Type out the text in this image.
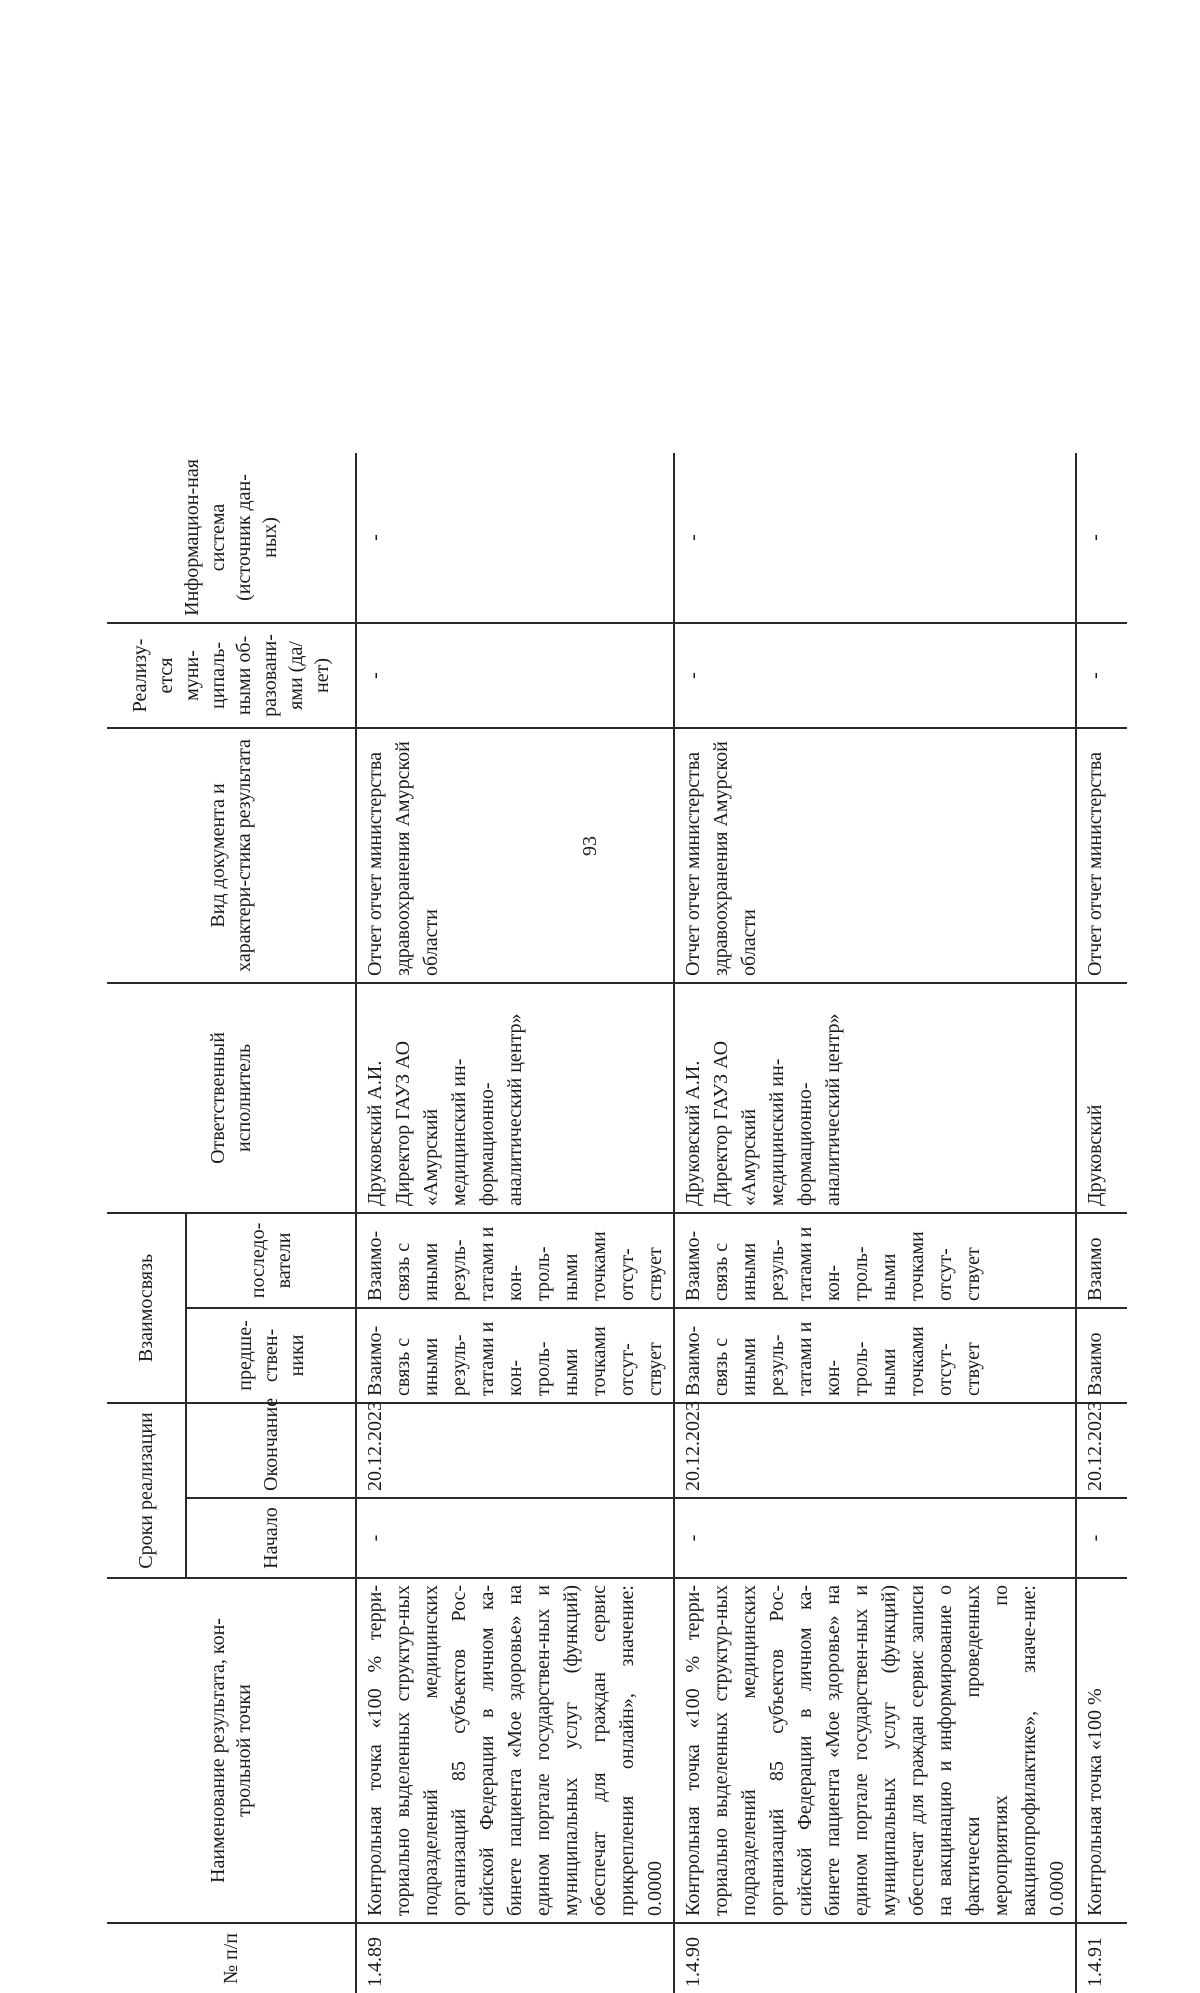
93
№ п/п	Наименование результата, кон-трольной точки	Сроки реализации		Взаимосвязь		Ответственный исполнитель	Вид документа и характери-стика результата	Реализу-ется муни-ципаль-ными об-разовани-ями (да/нет)	Информацион-ная система (источник дан-ных)
		Начало	Окончание	предше-ствен-ники	последо-ватели				
1.4.89	Контрольная точка «100 % терри-ториально выделенных структур-ных подразделений медицинских организаций 85 субъектов Рос-сийской Федерации в личном ка-бинете пациента «Мое здоровье» на едином портале государствен-ных и муниципальных услуг (функций) обеспечат для граждан сервис прикрепления онлайн», значение: 0.0000	-	20.12.2023	Взаимо-связь с иными резуль-татами и кон-троль-ными точками отсут-ствует	Взаимо-связь с иными резуль-татами и кон-троль-ными точками отсут-ствует	Друковский А.И. Директор ГАУЗ АО «Амурский медицинский ин-формационно-аналитический центр»	Отчет отчет министерства здравоохранения Амурской области	-	-
1.4.90	Контрольная точка «100 % терри-ториально выделенных структур-ных подразделений медицинских организаций 85 субъектов Рос-сийской Федерации в личном ка-бинете пациента «Мое здоровье» на едином портале государствен-ных и муниципальных услуг (функций) обеспечат для граждан сервис записи на вакцинацию и информирование о фактически проведенных мероприятиях по вакцинопрофилактике», значе-ние: 0.0000	-	20.12.2023	Взаимо-связь с иными резуль-татами и кон-троль-ными точками отсут-ствует	Взаимо-связь с иными резуль-татами и кон-троль-ными точками отсут-ствует	Друковский А.И. Директор ГАУЗ АО «Амурский медицинский ин-формационно-аналитический центр»	Отчет отчет министерства здравоохранения Амурской области	-	-
1.4.91	Контрольная точка «100 %	-	20.12.2023	Взаимо	Взаимо	Друковский	Отчет отчет министерства	-	-
